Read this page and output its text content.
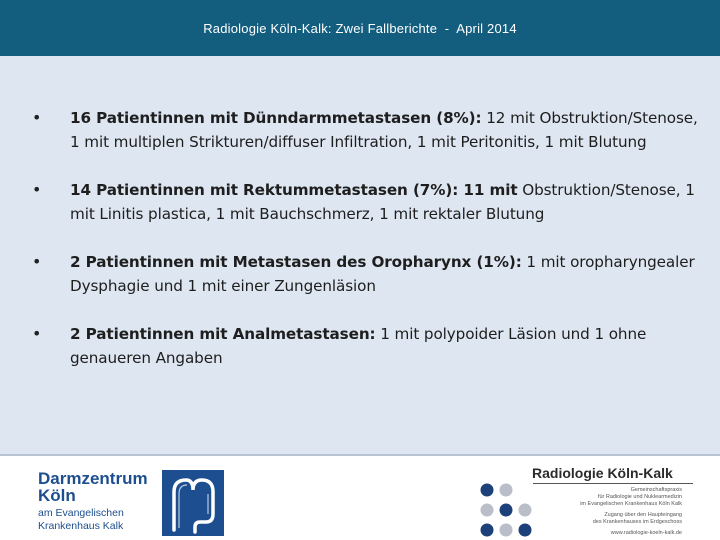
Radiologie Köln-Kalk: Zwei Fallberichte  -  April 2014
•	16 Patientinnen mit Dünndarmmetastasen (8%): 12 mit Obstruktion/Stenose, 1 mit multiplen Strikturen/diffuser Infiltration, 1 mit Peritonitis, 1 mit Blutung
•	14 Patientinnen mit Rektummetastasen (7%): 11 mit Obstruktion/Stenose, 1 mit Linitis plastica, 1 mit Bauchschmerz, 1 mit rektaler Blutung
•	2 Patientinnen mit Metastasen des Oropharynx (1%): 1 mit oropharyngealer Dysphagie und 1 mit einer Zungenläsion
•	2 Patientinnen mit Analmetastasen: 1 mit polypoider Läsion und 1 ohne genaueren Angaben
Darmzentrum
Köln
am Evangelischen
Krankenhaus Kalk
Radiologie Köln-Kalk
Gemeinschaftspraxis
für Radiologie und Nuklearmedizin
im Evangelischen Krankenhaus Köln Kalk
Zugang über den Haupteingang
des Krankenhauses im Erdgeschoss
www.radiologie-koeln-kalk.de
